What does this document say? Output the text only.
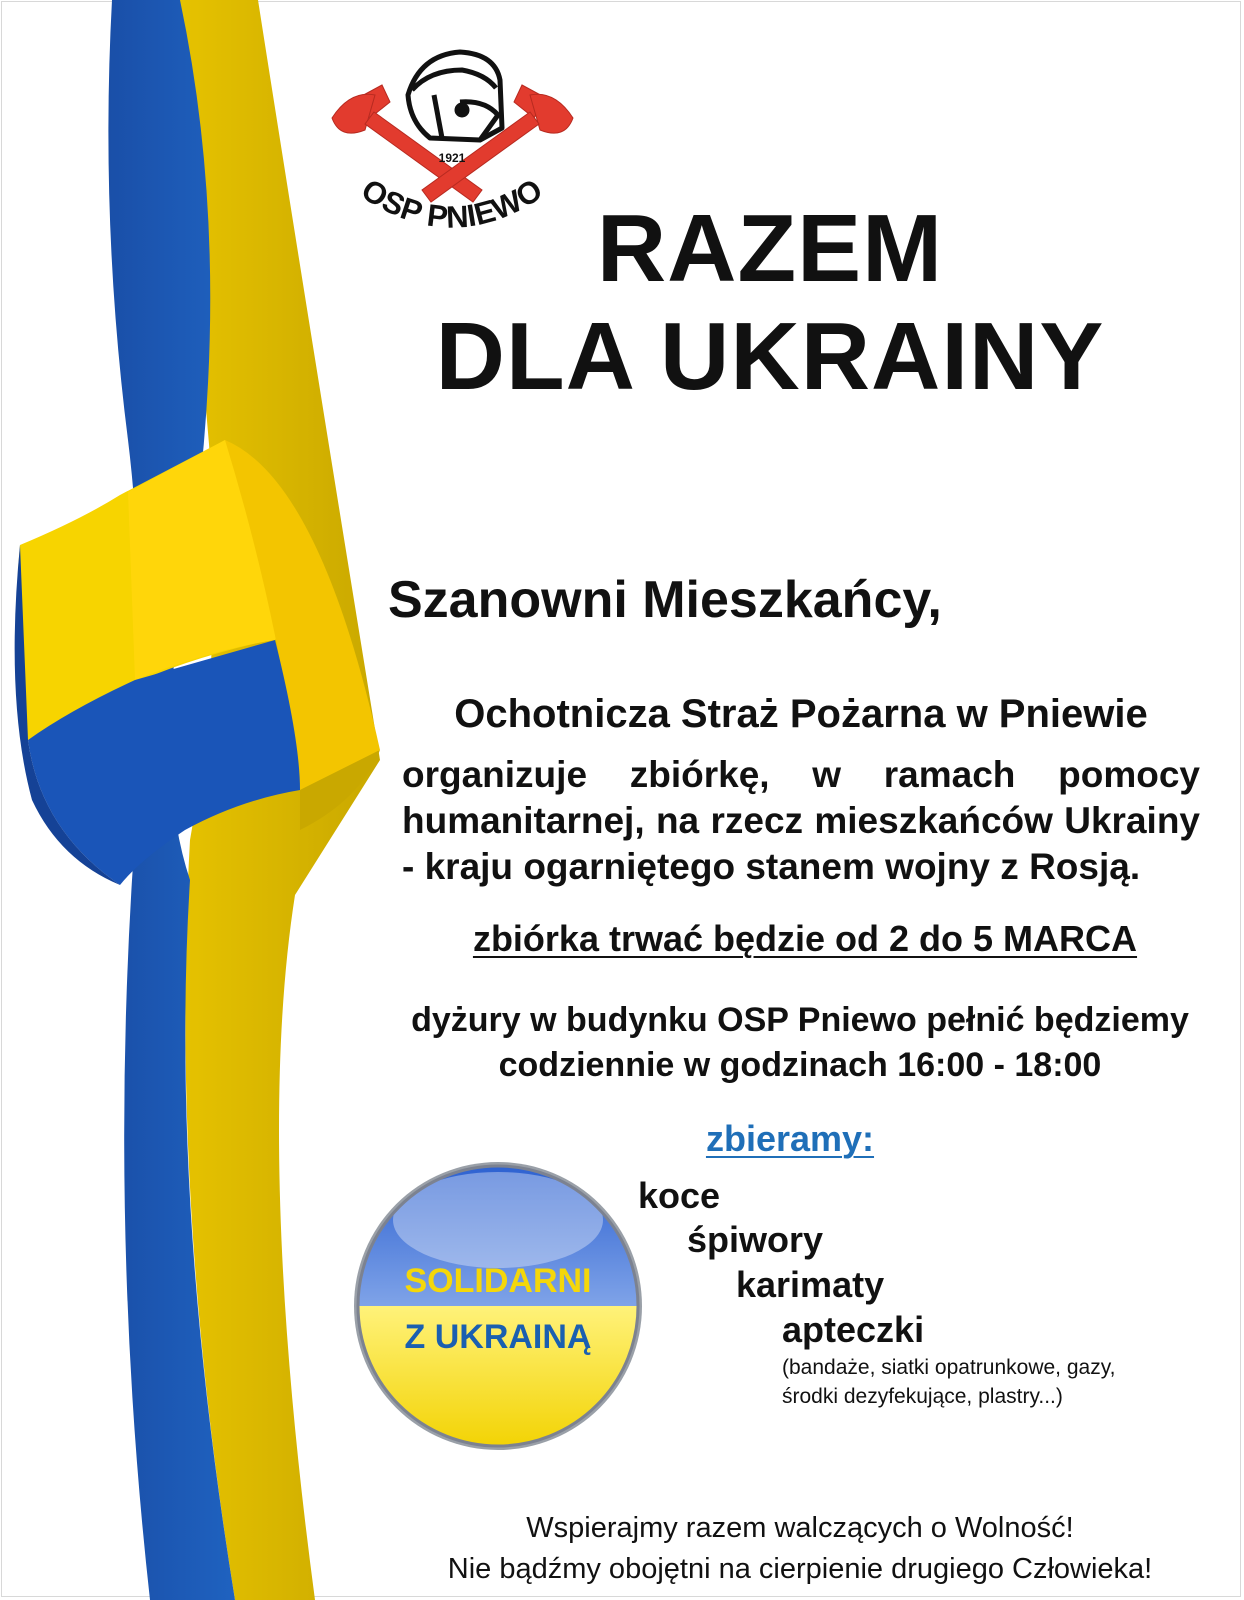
1921
OSP PNIEWO
RAZEM
DLA UKRAINY
Szanowni Mieszkańcy,
Ochotnicza Straż Pożarna w Pniewie
organizuje zbiórkę, w ramach pomocy
humanitarnej, na rzecz mieszkańców Ukrainy
- kraju ogarniętego stanem wojny z Rosją.
zbiórka trwać będzie od 2 do 5 MARCA
dyżury w budynku OSP Pniewo pełnić będziemy
codziennie w godzinach 16:00 - 18:00
zbieramy:
SOLIDARNI
Z UKRAINĄ
koce
śpiwory
karimaty
apteczki
(bandaże, siatki opatrunkowe, gazy,
środki dezyfekujące, plastry...)
Wspierajmy razem walczących o Wolność!
Nie bądźmy obojętni na cierpienie drugiego Człowieka!
